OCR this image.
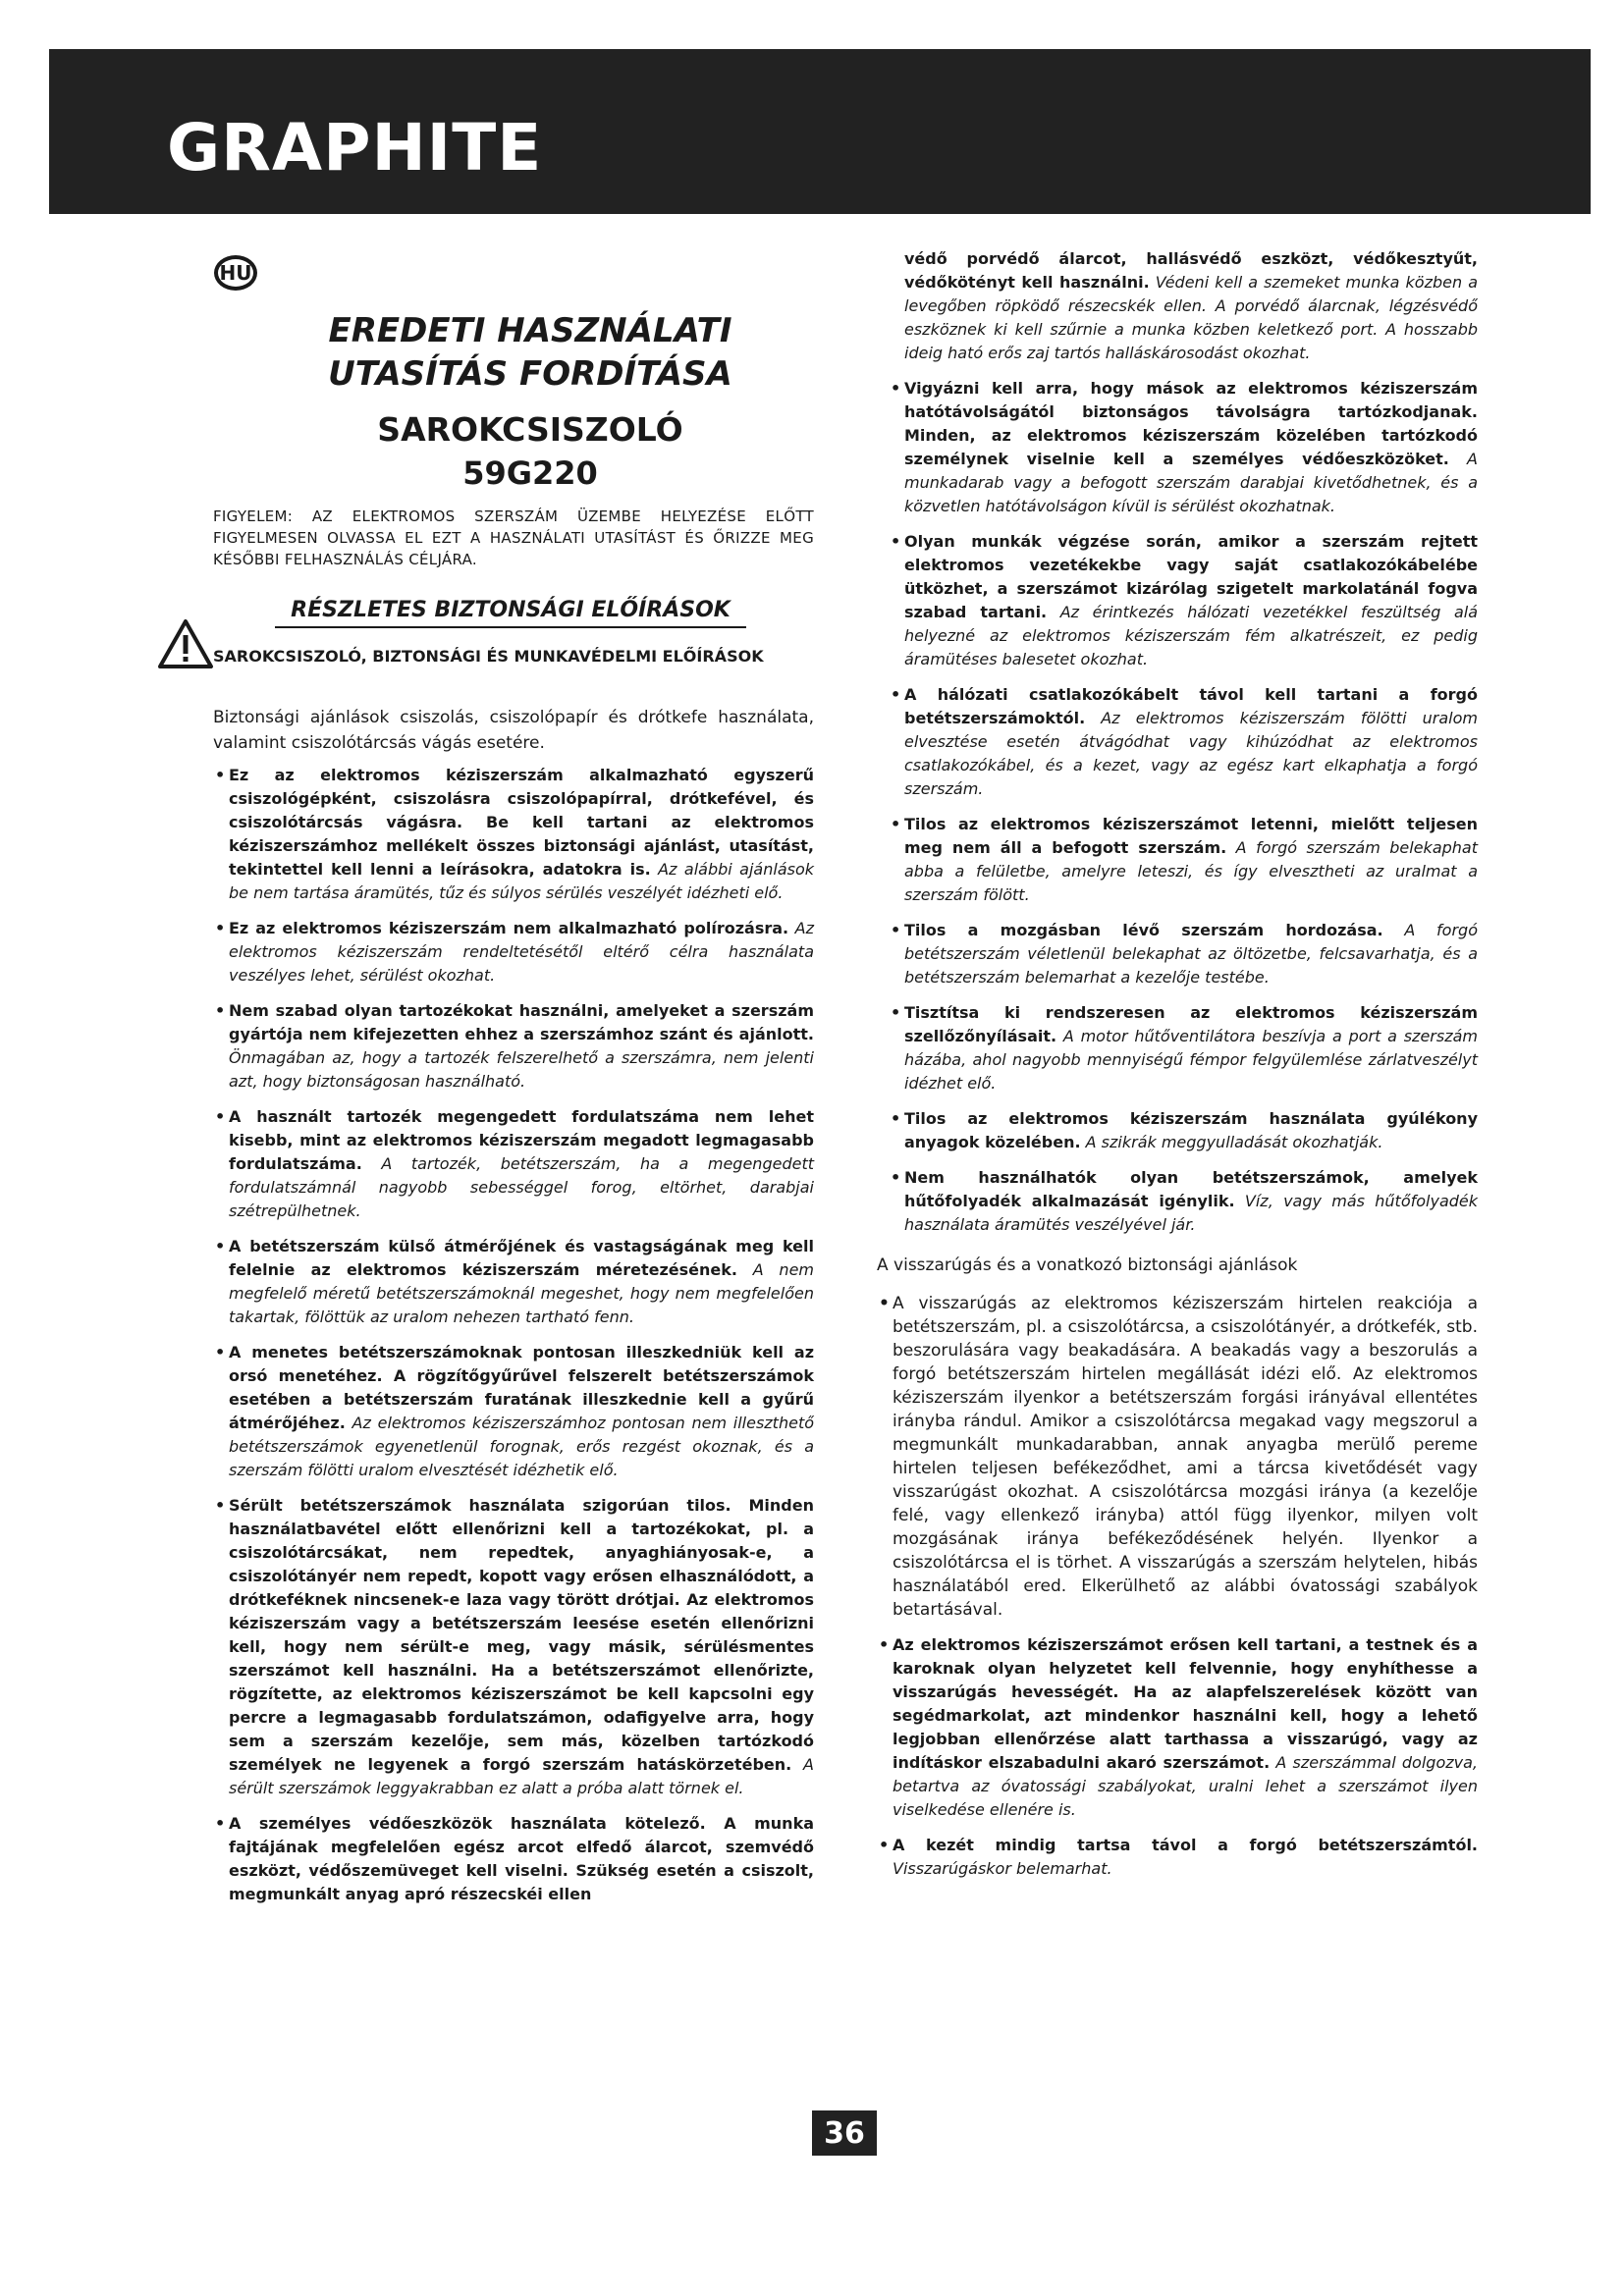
GRAPHITE
HU
EREDETI HASZNÁLATI
UTASÍTÁS FORDÍTÁSA
SAROKCSISZOLÓ
59G220
FIGYELEM: AZ ELEKTROMOS SZERSZÁM ÜZEMBE HELYEZÉSE ELŐTT FIGYELMESEN OLVASSA EL EZT A HASZNÁLATI UTASÍTÁST ÉS ŐRIZZE MEG KÉSŐBBI FELHASZNÁLÁS CÉLJÁRA.
RÉSZLETES BIZTONSÁGI ELŐÍRÁSOK
SAROKCSISZOLÓ, BIZTONSÁGI ÉS MUNKAVÉDELMI ELŐÍRÁSOK
Biztonsági ajánlások csiszolás, csiszolópapír és drótkefe használata, valamint csiszolótárcsás vágás esetére.
• Ez az elektromos kéziszerszám alkalmazható egyszerű csiszológépként, csiszolásra csiszolópapírral, drótkefével, és csiszolótárcsás vágásra. Be kell tartani az elektromos kéziszerszámhoz mellékelt összes biztonsági ajánlást, utasítást, tekintettel kell lenni a leírásokra, adatokra is. Az alábbi ajánlások be nem tartása áramütés, tűz és súlyos sérülés veszélyét idézheti elő.
• Ez az elektromos kéziszerszám nem alkalmazható polírozásra. Az elektromos kéziszerszám rendeltetésétől eltérő célra használata veszélyes lehet, sérülést okozhat.
• Nem szabad olyan tartozékokat használni, amelyeket a szerszám gyártója nem kifejezetten ehhez a szerszámhoz szánt és ajánlott. Önmagában az, hogy a tartozék felszerelhető a szerszámra, nem jelenti azt, hogy biztonságosan használható.
• A használt tartozék megengedett fordulatszáma nem lehet kisebb, mint az elektromos kéziszerszám megadott legmagasabb fordulatszáma. A tartozék, betétszerszám, ha a megengedett fordulatszámnál nagyobb sebességgel forog, eltörhet, darabjai szétrepülhetnek.
• A betétszerszám külső átmérőjének és vastagságának meg kell felelnie az elektromos kéziszerszám méretezésének. A nem megfelelő méretű betétszerszámoknál megeshet, hogy nem megfelelően takartak, fölöttük az uralom nehezen tartható fenn.
• A menetes betétszerszámoknak pontosan illeszkedniük kell az orsó menetéhez. A rögzítőgyűrűvel felszerelt betétszerszámok esetében a betétszerszám furatának illeszkednie kell a gyűrű átmérőjéhez. Az elektromos kéziszerszámhoz pontosan nem illeszthető betétszerszámok egyenetlenül forognak, erős rezgést okoznak, és a szerszám fölötti uralom elvesztését idézhetik elő.
• Sérült betétszerszámok használata szigorúan tilos. Minden használatbavétel előtt ellenőrizni kell a tartozékokat, pl. a csiszolótárcsákat, nem repedtek, anyaghiányosak-e, a csiszolótányér nem repedt, kopott vagy erősen elhasználódott, a drótkeféknek nincsenek-e laza vagy törött drótjai. Az elektromos kéziszerszám vagy a betétszerszám leesése esetén ellenőrizni kell, hogy nem sérült-e meg, vagy másik, sérülésmentes szerszámot kell használni. Ha a betétszerszámot ellenőrizte, rögzítette, az elektromos kéziszerszámot be kell kapcsolni egy percre a legmagasabb fordulatszámon, odafigyelve arra, hogy sem a szerszám kezelője, sem más, közelben tartózkodó személyek ne legyenek a forgó szerszám hatáskörzetében. A sérült szerszámok leggyakrabban ez alatt a próba alatt törnek el.
• A személyes védőeszközök használata kötelező. A munka fajtájának megfelelően egész arcot elfedő álarcot, szemvédő eszközt, védőszemüveget kell viselni. Szükség esetén a csiszolt, megmunkált anyag apró részecskéi ellen
védő porvédő álarcot, hallásvédő eszközt, védőkesztyűt, védőkötényt kell használni. Védeni kell a szemeket munka közben a levegőben röpködő részecskék ellen. A porvédő álarcnak, légzésvédő eszköznek ki kell szűrnie a munka közben keletkező port. A hosszabb ideig ható erős zaj tartós halláskárosodást okozhat.
• Vigyázni kell arra, hogy mások az elektromos kéziszerszám hatótávolságától biztonságos távolságra tartózkodjanak. Minden, az elektromos kéziszerszám közelében tartózkodó személynek viselnie kell a személyes védőeszközöket. A munkadarab vagy a befogott szerszám darabjai kivetődhetnek, és a közvetlen hatótávolságon kívül is sérülést okozhatnak.
• Olyan munkák végzése során, amikor a szerszám rejtett elektromos vezetékekbe vagy saját csatlakozókábelébe ütközhet, a szerszámot kizárólag szigetelt markolatánál fogva szabad tartani. Az érintkezés hálózati vezetékkel feszültség alá helyezné az elektromos kéziszerszám fém alkatrészeit, ez pedig áramütéses balesetet okozhat.
• A hálózati csatlakozókábelt távol kell tartani a forgó betétszerszámoktól. Az elektromos kéziszerszám fölötti uralom elvesztése esetén átvágódhat vagy kihúzódhat az elektromos csatlakozókábel, és a kezet, vagy az egész kart elkaphatja a forgó szerszám.
• Tilos az elektromos kéziszerszámot letenni, mielőtt teljesen meg nem áll a befogott szerszám. A forgó szerszám belekaphat abba a felületbe, amelyre leteszi, és így elvesztheti az uralmat a szerszám fölött.
• Tilos a mozgásban lévő szerszám hordozása. A forgó betétszerszám véletlenül belekaphat az öltözetbe, felcsavarhatja, és a betétszerszám belemarhat a kezelője testébe.
• Tisztítsa ki rendszeresen az elektromos kéziszerszám szellőzőnyílásait. A motor hűtőventilátora beszívja a port a szerszám házába, ahol nagyobb mennyiségű fémpor felgyülemlése zárlatveszélyt idézhet elő.
• Tilos az elektromos kéziszerszám használata gyúlékony anyagok közelében. A szikrák meggyulladását okozhatják.
• Nem használhatók olyan betétszerszámok, amelyek hűtőfolyadék alkalmazását igénylik. Víz, vagy más hűtőfolyadék használata áramütés veszélyével jár.
A visszarúgás és a vonatkozó biztonsági ajánlások
• A visszarúgás az elektromos kéziszerszám hirtelen reakciója a betétszerszám, pl. a csiszolótárcsa, a csiszolótányér, a drótkefék, stb. beszorulására vagy beakadására. A beakadás vagy a beszorulás a forgó betétszerszám hirtelen megállását idézi elő. Az elektromos kéziszerszám ilyenkor a betétszerszám forgási irányával ellentétes irányba rándul. Amikor a csiszolótárcsa megakad vagy megszorul a megmunkált munkadarabban, annak anyagba merülő pereme hirtelen teljesen befékeződhet, ami a tárcsa kivetődését vagy visszarúgást okozhat. A csiszolótárcsa mozgási iránya (a kezelője felé, vagy ellenkező irányba) attól függ ilyenkor, milyen volt mozgásának iránya befékeződésének helyén. Ilyenkor a csiszolótárcsa el is törhet. A visszarúgás a szerszám helytelen, hibás használatából ered. Elkerülhető az alábbi óvatossági szabályok betartásával.
• Az elektromos kéziszerszámot erősen kell tartani, a testnek és a karoknak olyan helyzetet kell felvennie, hogy enyhíthesse a visszarúgás hevességét. Ha az alapfelszerelések között van segédmarkolat, azt mindenkor használni kell, hogy a lehető legjobban ellenőrzése alatt tarthassa a visszarúgó, vagy az indításkor elszabadulni akaró szerszámot. A szerszámmal dolgozva, betartva az óvatossági szabályokat, uralni lehet a szerszámot ilyen viselkedése ellenére is.
• A kezét mindig tartsa távol a forgó betétszerszámtól. Visszarúgáskor belemarhat.
36
